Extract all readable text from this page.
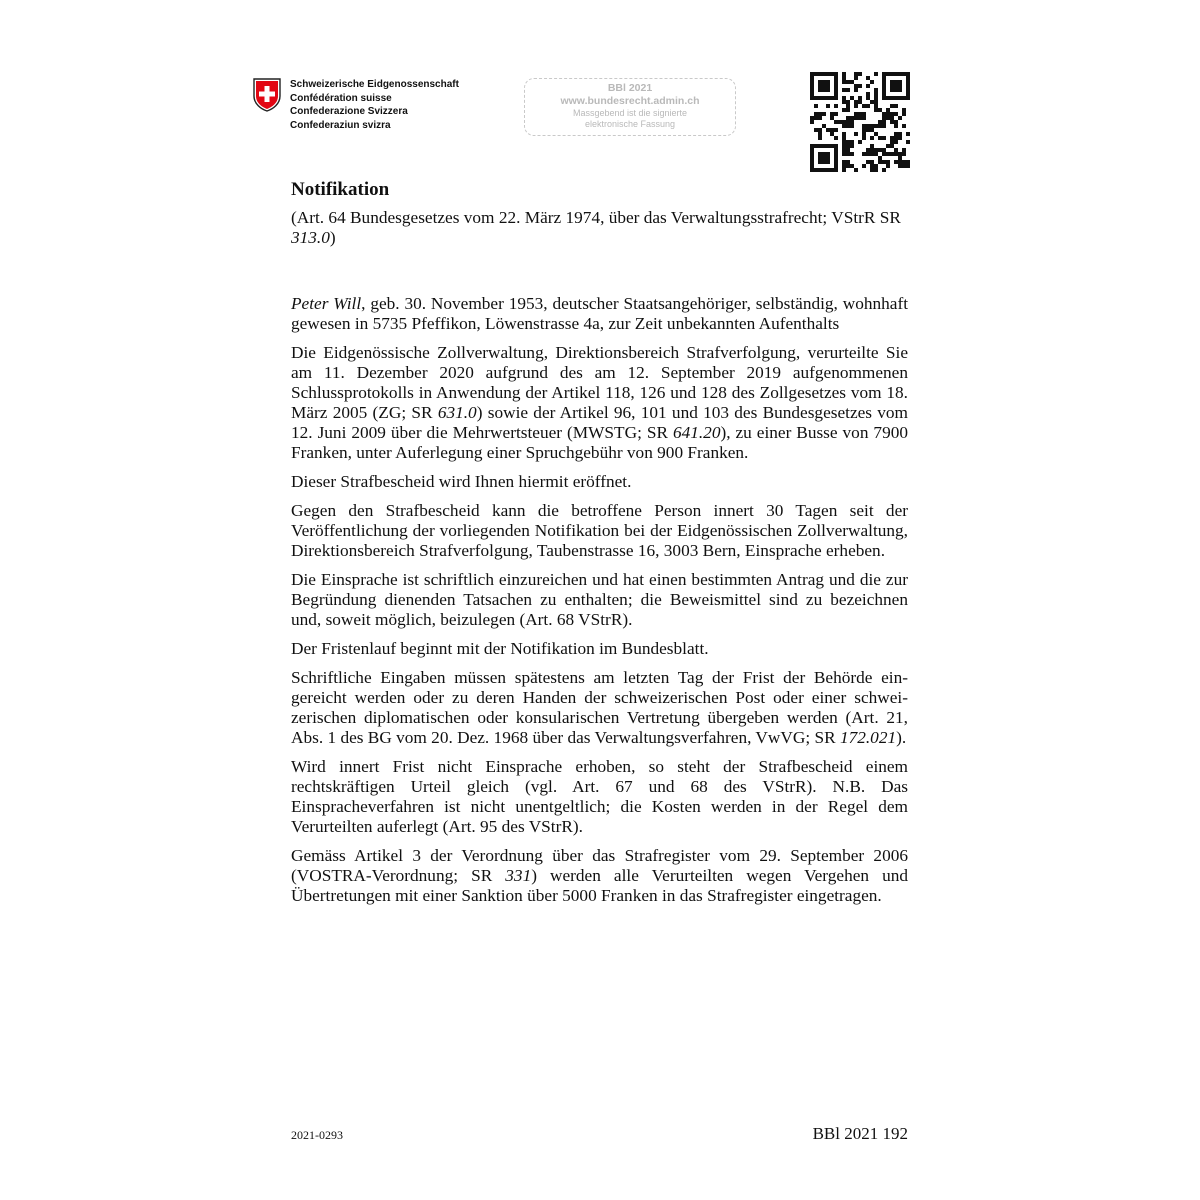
Schweizerische Eidgenossenschaft
Confédération suisse
Confederazione Svizzera
Confederaziun svizra
BBl 2021
www.bundesrecht.admin.ch
Massgebend ist die signierte
elektronische Fassung
Notifikation

(Art. 64 Bundesgesetzes vom 22. März 1974, über das Verwaltungsstrafrecht; VStrR SR 313.0)

Peter Will, geb. 30. November 1953, deutscher Staatsangehöriger, selbständig, wohnhaft gewesen in 5735 Pfeffikon, Löwenstrasse 4a, zur Zeit unbekannten Aufenthalts

Die Eidgenössische Zollverwaltung, Direktionsbereich Strafverfolgung, verurteilte Sie am 11. Dezember 2020 aufgrund des am 12. September 2019 aufgenommenen Schlussprotokolls in Anwendung der Artikel 118, 126 und 128 des Zollgesetzes vom 18. März 2005 (ZG; SR 631.0) sowie der Artikel 96, 101 und 103 des Bundesgesetzes vom 12. Juni 2009 über die Mehrwertsteuer (MWSTG; SR 641.20), zu einer Busse von 7900 Franken, unter Auferlegung einer Spruchgebühr von 900 Franken.

Dieser Strafbescheid wird Ihnen hiermit eröffnet.

Gegen den Strafbescheid kann die betroffene Person innert 30 Tagen seit der Veröffentlichung der vorliegenden Notifikation bei der Eidgenössischen Zollverwaltung, Direktionsbereich Strafverfolgung, Taubenstrasse 16, 3003 Bern, Einsprache erheben.

Die Einsprache ist schriftlich einzureichen und hat einen bestimmten Antrag und die zur Begründung dienenden Tatsachen zu enthalten; die Beweismittel sind zu bezeichnen und, soweit möglich, beizulegen (Art. 68 VStrR).

Der Fristenlauf beginnt mit der Notifikation im Bundesblatt.

Schriftliche Eingaben müssen spätestens am letzten Tag der Frist der Behörde ein-gereicht werden oder zu deren Handen der schweizerischen Post oder einer schwei-zerischen diplomatischen oder konsularischen Vertretung übergeben werden (Art. 21, Abs. 1 des BG vom 20. Dez. 1968 über das Verwaltungsverfahren, VwVG; SR 172.021).

Wird innert Frist nicht Einsprache erhoben, so steht der Strafbescheid einem rechtskräftigen Urteil gleich (vgl. Art. 67 und 68 des VStrR). N.B. Das Einspracheverfahren ist nicht unentgeltlich; die Kosten werden in der Regel dem Verurteilten auferlegt (Art. 95 des VStrR).

Gemäss Artikel 3 der Verordnung über das Strafregister vom 29. September 2006 (VOSTRA-Verordnung; SR 331) werden alle Verurteilten wegen Vergehen und Übertretungen mit einer Sanktion über 5000 Franken in das Strafregister eingetragen.

2021-0293	BBl 2021 192
